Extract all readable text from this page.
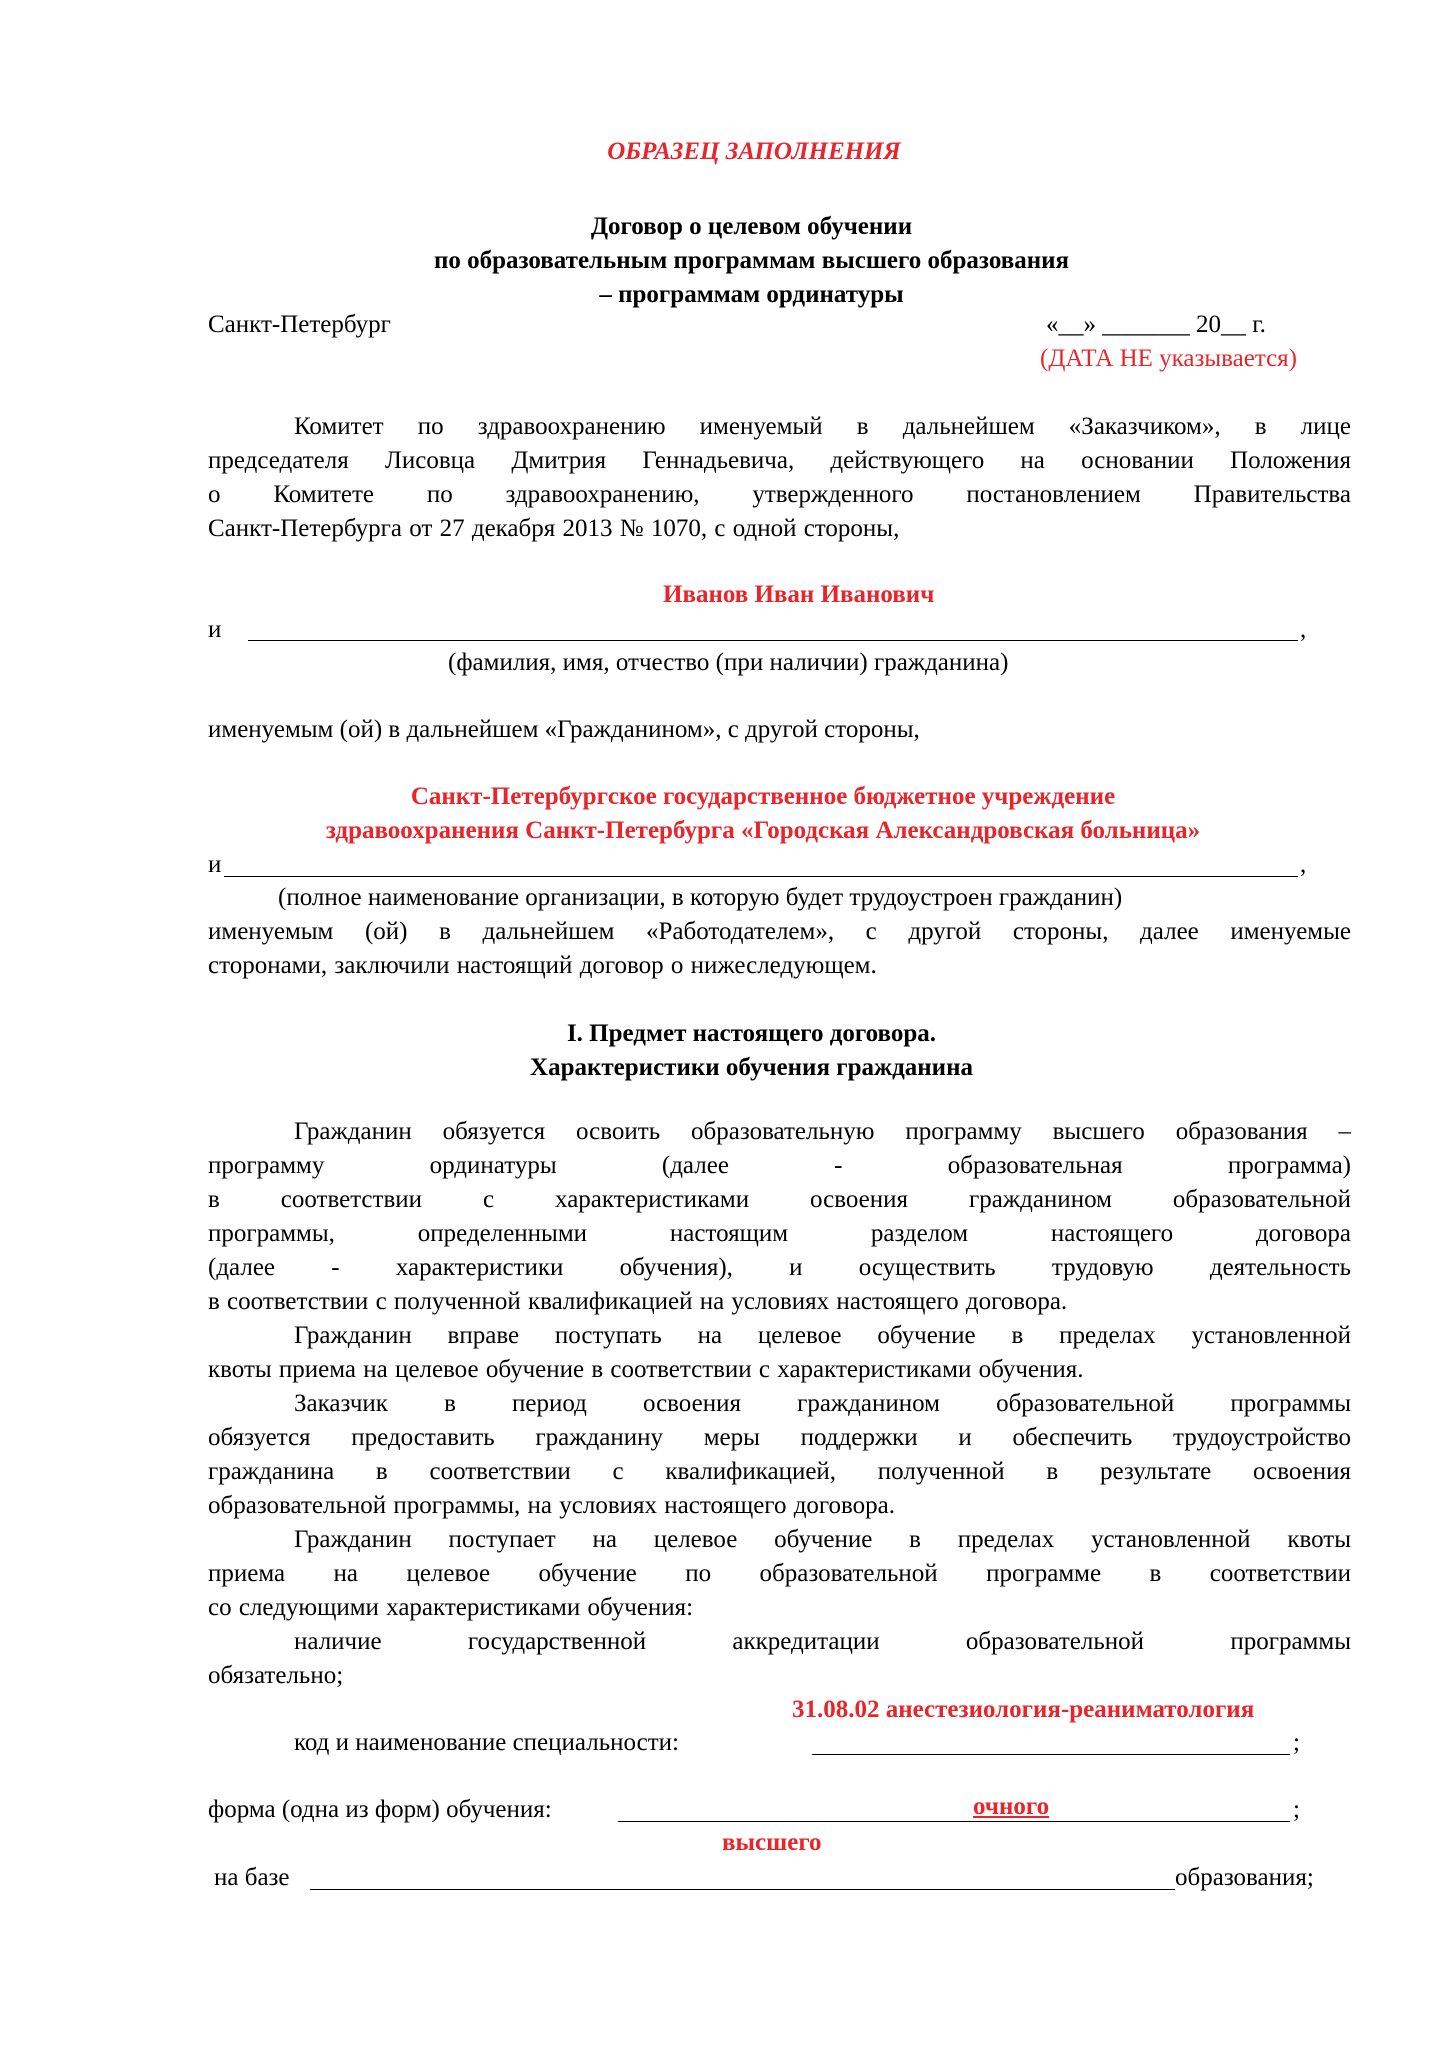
ОБРАЗЕЦ ЗАПОЛНЕНИЯ
Договор о целевом обучении
по образовательным программам высшего образования
– программам ординатуры
Санкт-Петербург	«__» _______ 20__ г.
(ДАТА НЕ указывается)

Комитет по здравоохранению именуемый в дальнейшем «Заказчиком», в лице

председателя Лисовца Дмитрия Геннадьевича, действующего на основании Положения

о Комитете по здравоохранению, утвержденного постановлением Правительства

Санкт-Петербурга от 27 декабря 2013 № 1070, с одной стороны,

Иванов Иван Иванович
и	,
(фамилия, имя, отчество (при наличии) гражданина)
именуемым (ой) в дальнейшем «Гражданином», с другой стороны,
Санкт-Петербургское государственное бюджетное учреждение
здравоохранения Санкт-Петербурга «Городская Александровская больница»
и	,
(полное наименование организации, в которую будет трудоустроен гражданин)

именуемым (ой) в дальнейшем «Работодателем», с другой стороны, далее именуемые

сторонами, заключили настоящий договор о нижеследующем.

I. Предмет настоящего договора.
Характеристики обучения гражданина

Гражданин обязуется освоить образовательную программу высшего образования –

программу ординатуры (далее - образовательная программа)

в соответствии с характеристиками освоения гражданином образовательной

программы, определенными настоящим разделом настоящего договора

(далее - характеристики обучения), и осуществить трудовую деятельность

в соответствии с полученной квалификацией на условиях настоящего договора.

Гражданин вправе поступать на целевое обучение в пределах установленной

квоты приема на целевое обучение в соответствии с характеристиками обучения.

Заказчик в период освоения гражданином образовательной программы

обязуется предоставить гражданину меры поддержки и обеспечить трудоустройство

гражданина в соответствии с квалификацией, полученной в результате освоения

образовательной программы, на условиях настоящего договора.

Гражданин поступает на целевое обучение в пределах установленной квоты

приема на целевое обучение по образовательной программе в соответствии

со следующими характеристиками обучения:

наличие государственной аккредитации образовательной программы

обязательно;

31.08.02 анестезиология-реаниматология
код и наименование специальности:	;
форма (одна из форм) обучения:	очного	;
высшего
на базе	образования;
